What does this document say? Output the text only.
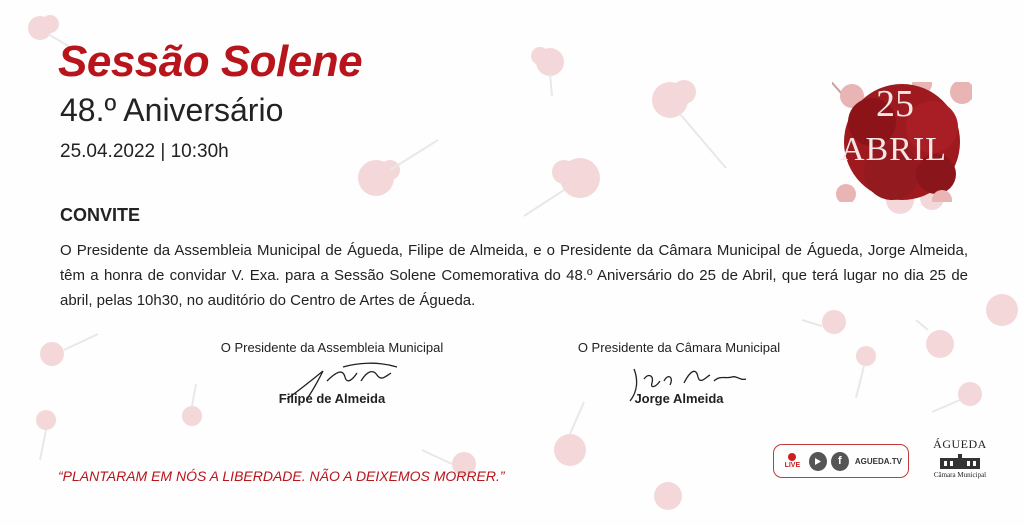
Sessão Solene
48.º Aniversário
25.04.2022 | 10:30h
25
ABRIL
CONVITE

O Presidente da Assembleia Municipal de Águeda, Filipe de Almeida, e o Presidente da Câmara Municipal de Águeda, Jorge Almeida, têm a honra de convidar V. Exa. para a Sessão Solene Comemorativa do 48.º Aniversário do 25 de Abril, que terá lugar no dia 25 de abril, pelas 10h30, no auditório do Centro de Artes de Águeda.

O Presidente da Assembleia Municipal
Filipe de Almeida
O Presidente da Câmara Municipal
Jorge Almeida
“PLANTARAM EM NÓS A LIBERDADE. NÃO A DEIXEMOS MORRER.”
LIVE	f	AGUEDA.TV
ÁGUEDA
Câmara Municipal
